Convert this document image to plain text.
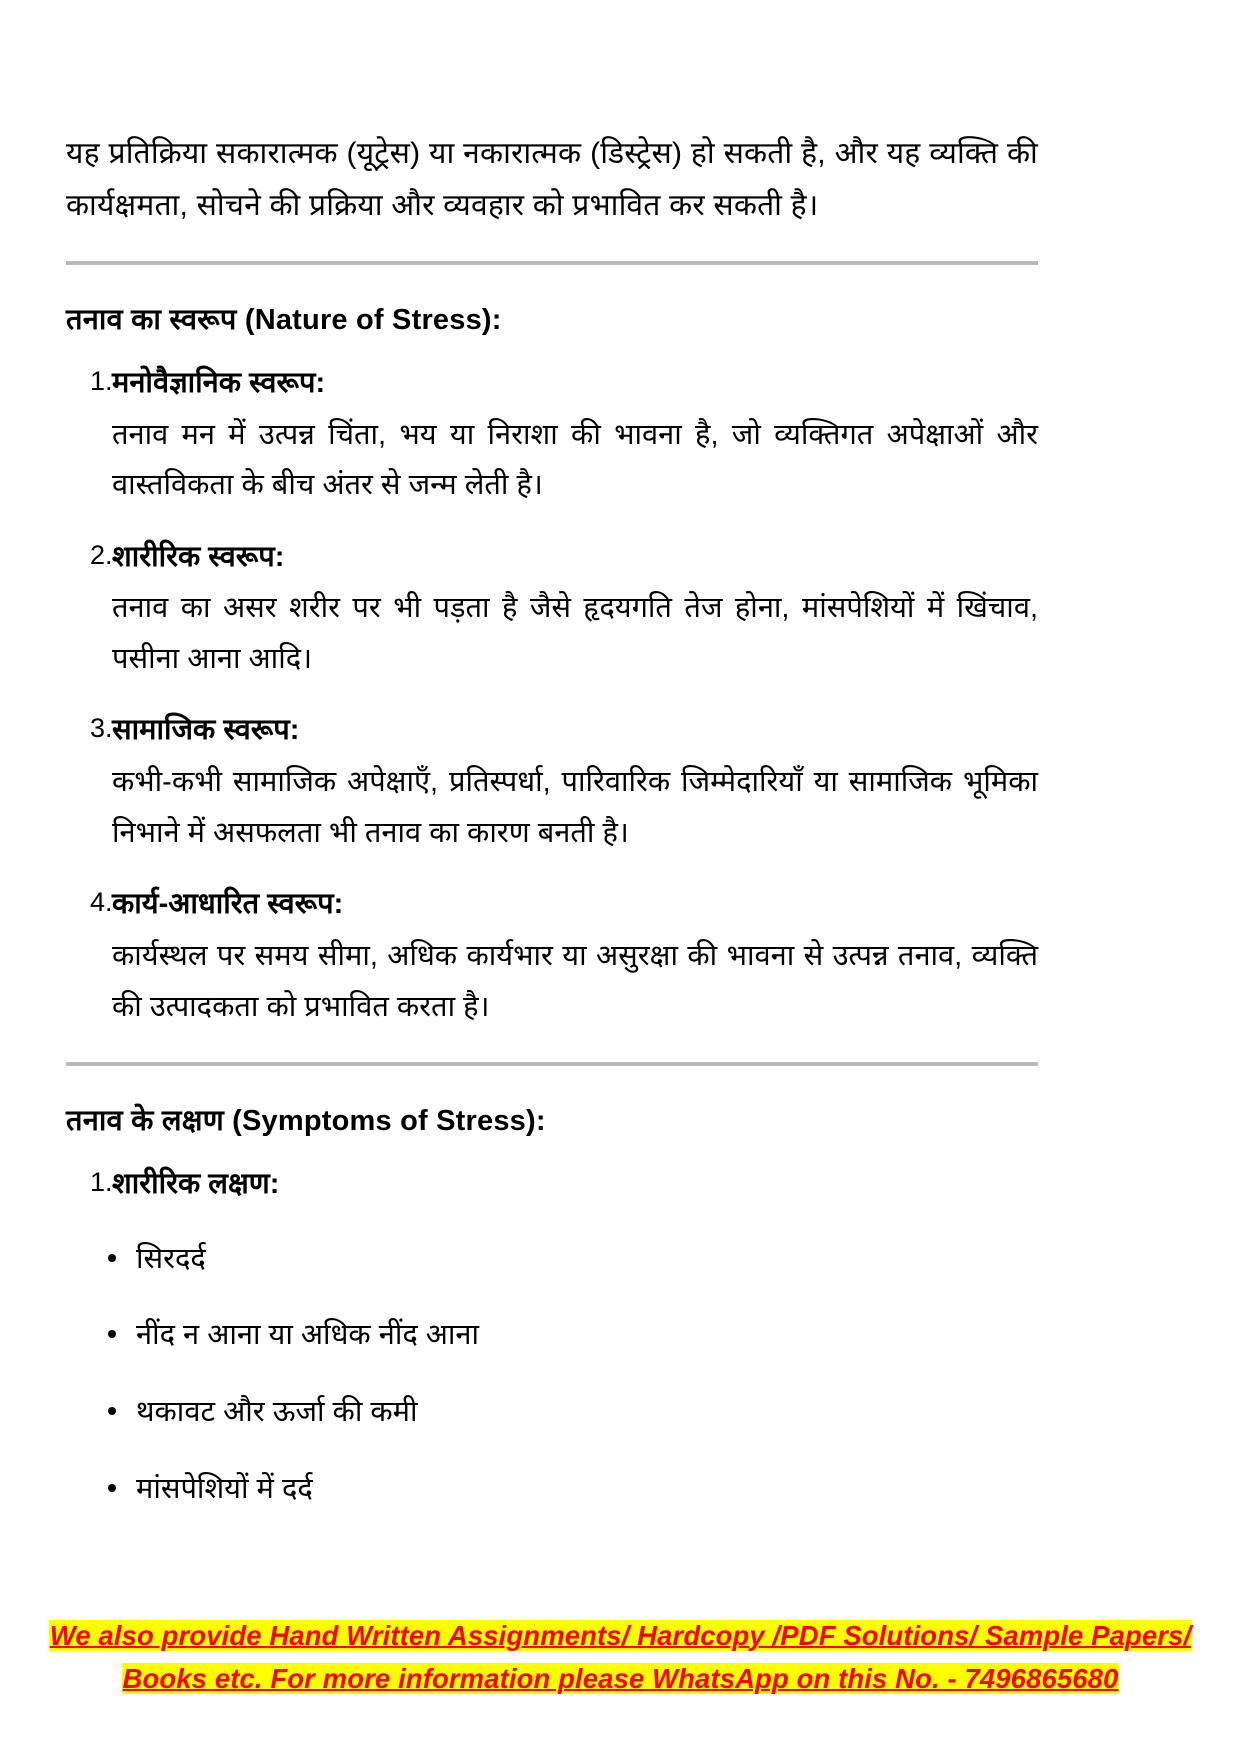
यह प्रतिक्रिया सकारात्मक (यूट्रेस) या नकारात्मक (डिस्ट्रेस) हो सकती है, और यह व्यक्ति की कार्यक्षमता, सोचने की प्रक्रिया और व्यवहार को प्रभावित कर सकती है।

तनाव का स्वरूप (Nature of Stress):
1. मनोवैज्ञानिक स्वरूप:
तनाव मन में उत्पन्न चिंता, भय या निराशा की भावना है, जो व्यक्तिगत अपेक्षाओं और वास्तविकता के बीच अंतर से जन्म लेती है।
2. शारीरिक स्वरूप:
तनाव का असर शरीर पर भी पड़ता है जैसे हृदयगति तेज होना, मांसपेशियों में खिंचाव, पसीना आना आदि।
3. सामाजिक स्वरूप:
कभी-कभी सामाजिक अपेक्षाएँ, प्रतिस्पर्धा, पारिवारिक जिम्मेदारियाँ या सामाजिक भूमिका निभाने में असफलता भी तनाव का कारण बनती है।
4. कार्य-आधारित स्वरूप:
कार्यस्थल पर समय सीमा, अधिक कार्यभार या असुरक्षा की भावना से उत्पन्न तनाव, व्यक्ति की उत्पादकता को प्रभावित करता है।
तनाव के लक्षण (Symptoms of Stress):
1. शारीरिक लक्षण:
सिरदर्द
नींद न आना या अधिक नींद आना
थकावट और ऊर्जा की कमी
मांसपेशियों में दर्द
We also provide Hand Written Assignments/ Hardcopy /PDF Solutions/ Sample Papers/
Books etc. For more information please WhatsApp on this No. - 7496865680
